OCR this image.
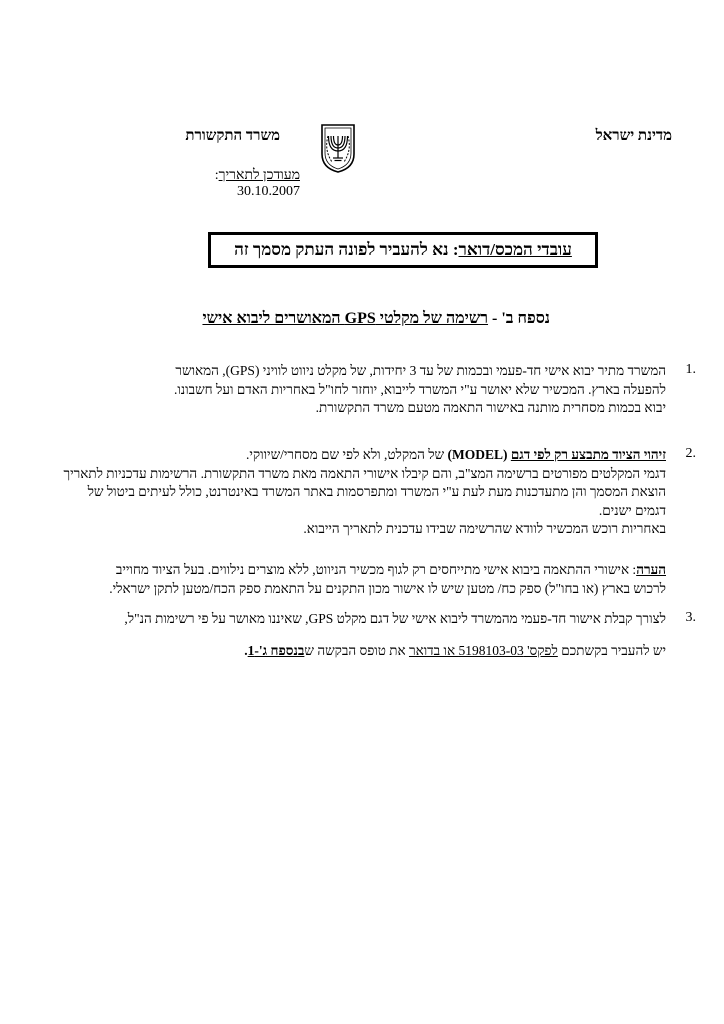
מדינת ישראל
משרד התקשורת
מעודכן לתאריך: 30.10.2007
עובדי המכס/דואר
: נא להעביר לפונה העתק מסמך זה
נספח ב' - רשימה של מקלטי GPS המאושרים ליבוא אישי
1.
המשרד מתיר יבוא אישי חד-פעמי ובכמות של עד 3 יחידות, של מקלט ניווט לוויני (GPS), המאושר
להפעלה בארץ. המכשיר שלא יאושר ע"י המשרד לייבוא, יוחזר לחו"ל באחריות האדם ועל חשבונו.
יבוא בכמות מסחרית מותנה באישור התאמה מטעם משרד התקשורת.
2.
זיהוי הציוד מתבצע רק לפי דגם (MODEL) של המקלט, ולא לפי שם מסחרי/שיווקי.
דגמי המקלטים מפורטים ברשימה המצ"ב, והם קיבלו אישורי התאמה מאת משרד התקשורת. הרשימות עדכניות לתאריך
הוצאת המסמך והן מתעדכנות מעת לעת ע"י המשרד ומתפרסמות באתר המשרד באינטרנט, כולל לעיתים ביטול של
דגמים ישנים.
באחריות רוכש המכשיר לוודא שהרשימה שבידו עדכנית לתאריך הייבוא.
הערה: אישורי ההתאמה ביבוא אישי מתייחסים רק לגוף מכשיר הניווט, ללא מוצרים נילווים. בעל הציוד מחוייב
לרכוש בארץ (או בחו"ל) ספק כח/ מטען שיש לו אישור מכון התקנים על התאמת ספק הכח/מטען לתקן ישראלי.
3.
לצורך קבלת אישור חד-פעמי מהמשרד ליבוא אישי של דגם מקלט GPS, שאיננו מאושר על פי רשימות הנ"ל,
יש להעביר בקשתכם לפקס' 5198103-03 או בדואר את טופס הבקשה שבנספח ג'-1.
